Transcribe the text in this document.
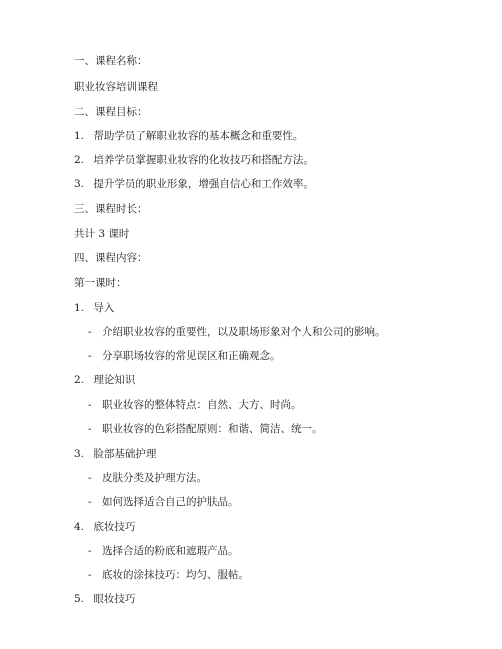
一、课程名称：
职业妆容培训课程
二、课程目标：
1. 帮助学员了解职业妆容的基本概念和重要性。
2. 培养学员掌握职业妆容的化妆技巧和搭配方法。
3. 提升学员的职业形象，增强自信心和工作效率。
三、课程时长：
共计 3 课时
四、课程内容：
第一课时：
1. 导入
- 介绍职业妆容的重要性，以及职场形象对个人和公司的影响。
- 分享职场妆容的常见误区和正确观念。
2. 理论知识
- 职业妆容的整体特点：自然、大方、时尚。
- 职业妆容的色彩搭配原则：和谐、简洁、统一。
3. 脸部基础护理
- 皮肤分类及护理方法。
- 如何选择适合自己的护肤品。
4. 底妆技巧
- 选择合适的粉底和遮瑕产品。
- 底妆的涂抹技巧：均匀、服帖。
5. 眼妆技巧
